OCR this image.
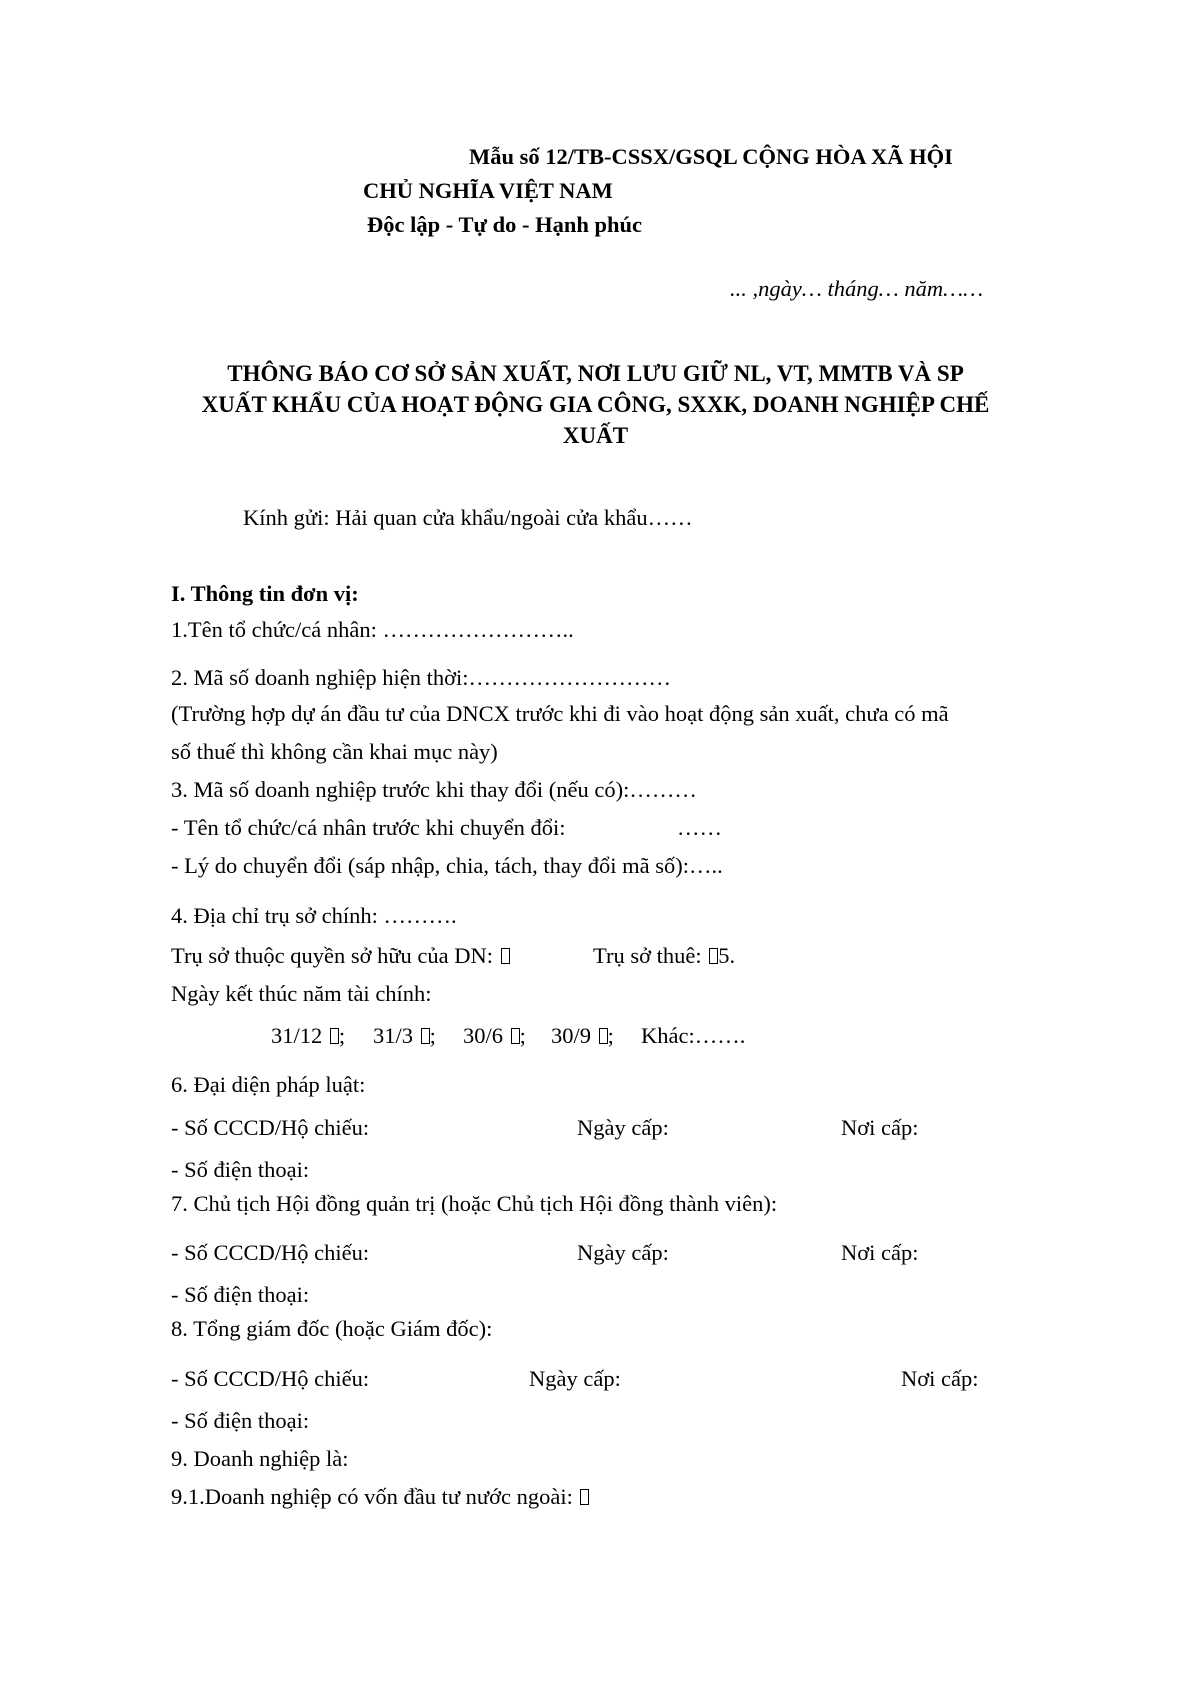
Mẫu số 12/TB-CSSX/GSQL CỘNG HÒA XÃ HỘI
CHỦ NGHĨA VIỆT NAM
Độc lập - Tự do - Hạnh phúc
... ,ngày… tháng… năm……
THÔNG BÁO CƠ SỞ SẢN XUẤT, NƠI LƯU GIỮ NL, VT, MMTB VÀ SP
XUẤT KHẨU CỦA HOẠT ĐỘNG GIA CÔNG, SXXK, DOANH NGHIỆP CHẾ
XUẤT
Kính gửi: Hải quan cửa khẩu/ngoài cửa khẩu……
I. Thông tin đơn vị:
1.Tên tổ chức/cá nhân: ……………………..
2. Mã số doanh nghiệp hiện thời:………………………
(Trường hợp dự án đầu tư của DNCX trước khi đi vào hoạt động sản xuất, chưa có mã
số thuế thì không cần khai mục này)
3. Mã số doanh nghiệp trước khi thay đổi (nếu có):………
- Tên tổ chức/cá nhân trước khi chuyển đổi:	……
- Lý do chuyển đổi (sáp nhập, chia, tách, thay đổi mã số):…..
4. Địa chỉ trụ sở chính: ……….
Trụ sở thuộc quyền sở hữu của DN:	Trụ sở thuê: 5.
Ngày kết thúc năm tài chính:
31/12 ; 31/3 ; 30/6 ; 30/9 ; Khác:…….
6. Đại diện pháp luật:
- Số CCCD/Hộ chiếu:	Ngày cấp:	Nơi cấp:
- Số điện thoại:
7. Chủ tịch Hội đồng quản trị (hoặc Chủ tịch Hội đồng thành viên):
- Số CCCD/Hộ chiếu:	Ngày cấp:	Nơi cấp:
- Số điện thoại:
8. Tổng giám đốc (hoặc Giám đốc):
- Số CCCD/Hộ chiếu:	Ngày cấp:	Nơi cấp:
- Số điện thoại:
9. Doanh nghiệp là:
9.1.Doanh nghiệp có vốn đầu tư nước ngoài:
